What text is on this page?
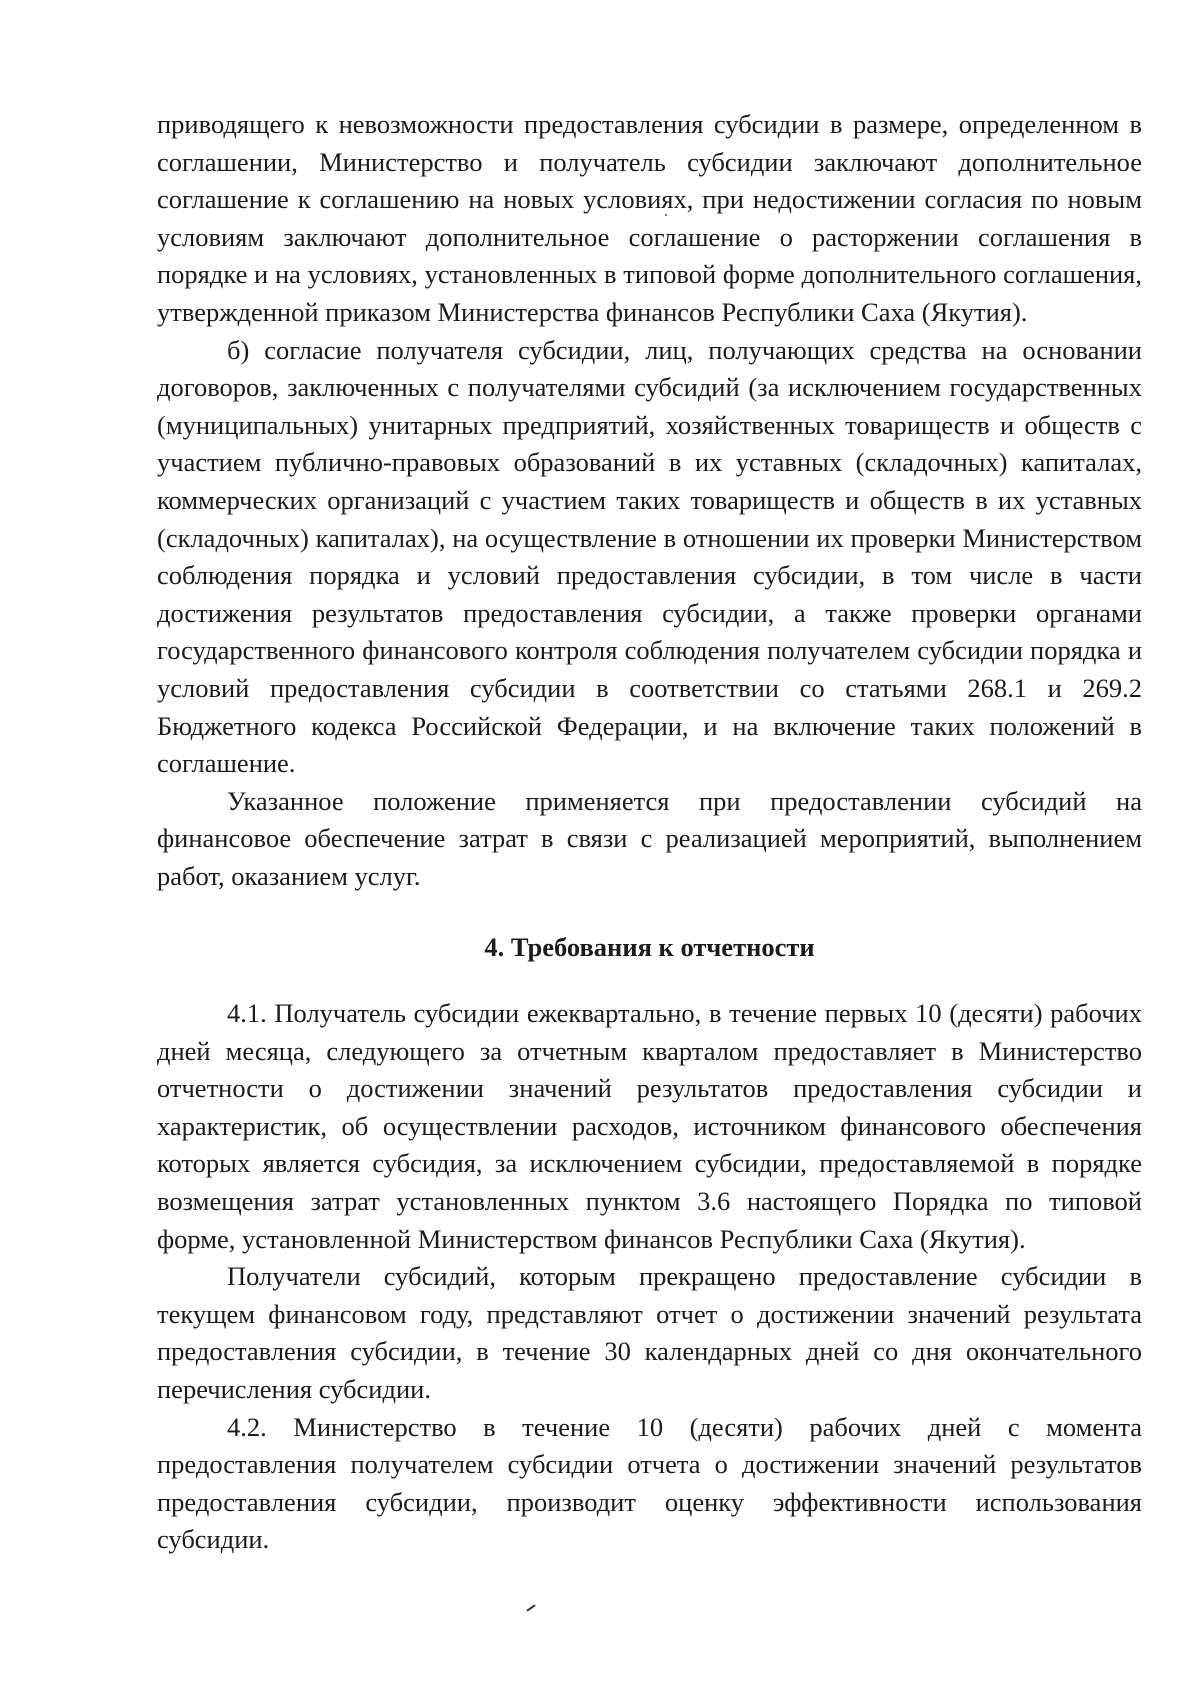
приводящего к невозможности предоставления субсидии в размере, определенном в соглашении, Министерство и получатель субсидии заключают дополнительное соглашение к соглашению на новых условиях, при недостижении согласия по новым условиям заключают дополнительное соглашение о расторжении соглашения в порядке и на условиях, установленных в типовой форме дополнительного соглашения, утвержденной приказом Министерства финансов Республики Саха (Якутия).

б) согласие получателя субсидии, лиц, получающих средства на основании договоров, заключенных с получателями субсидий (за исключением государственных (муниципальных) унитарных предприятий, хозяйственных товариществ и обществ с участием публично-правовых образований в их уставных (складочных) капиталах, коммерческих организаций с участием таких товариществ и обществ в их уставных (складочных) капиталах), на осуществление в отношении их проверки Министерством соблюдения порядка и условий предоставления субсидии, в том числе в части достижения результатов предоставления субсидии, а также проверки органами государственного финансового контроля соблюдения получателем субсидии порядка и условий предоставления субсидии в соответствии со статьями 268.1 и 269.2 Бюджетного кодекса Российской Федерации, и на включение таких положений в соглашение.

Указанное положение применяется при предоставлении субсидий на финансовое обеспечение затрат в связи с реализацией мероприятий, выполнением работ, оказанием услуг.

4. Требования к отчетности

4.1. Получатель субсидии ежеквартально, в течение первых 10 (десяти) рабочих дней месяца, следующего за отчетным кварталом предоставляет в Министерство отчетности о достижении значений результатов предоставления субсидии и характеристик, об осуществлении расходов, источником финансового обеспечения которых является субсидия, за исключением субсидии, предоставляемой в порядке возмещения затрат установленных пунктом 3.6 настоящего Порядка по типовой форме, установленной Министерством финансов Республики Саха (Якутия).

Получатели субсидий, которым прекращено предоставление субсидии в текущем финансовом году, представляют отчет о достижении значений результата предоставления субсидии, в течение 30 календарных дней со дня окончательного перечисления субсидии.

4.2. Министерство в течение 10 (десяти) рабочих дней с момента предоставления получателем субсидии отчета о достижении значений результатов предоставления субсидии, производит оценку эффективности использования субсидии.
